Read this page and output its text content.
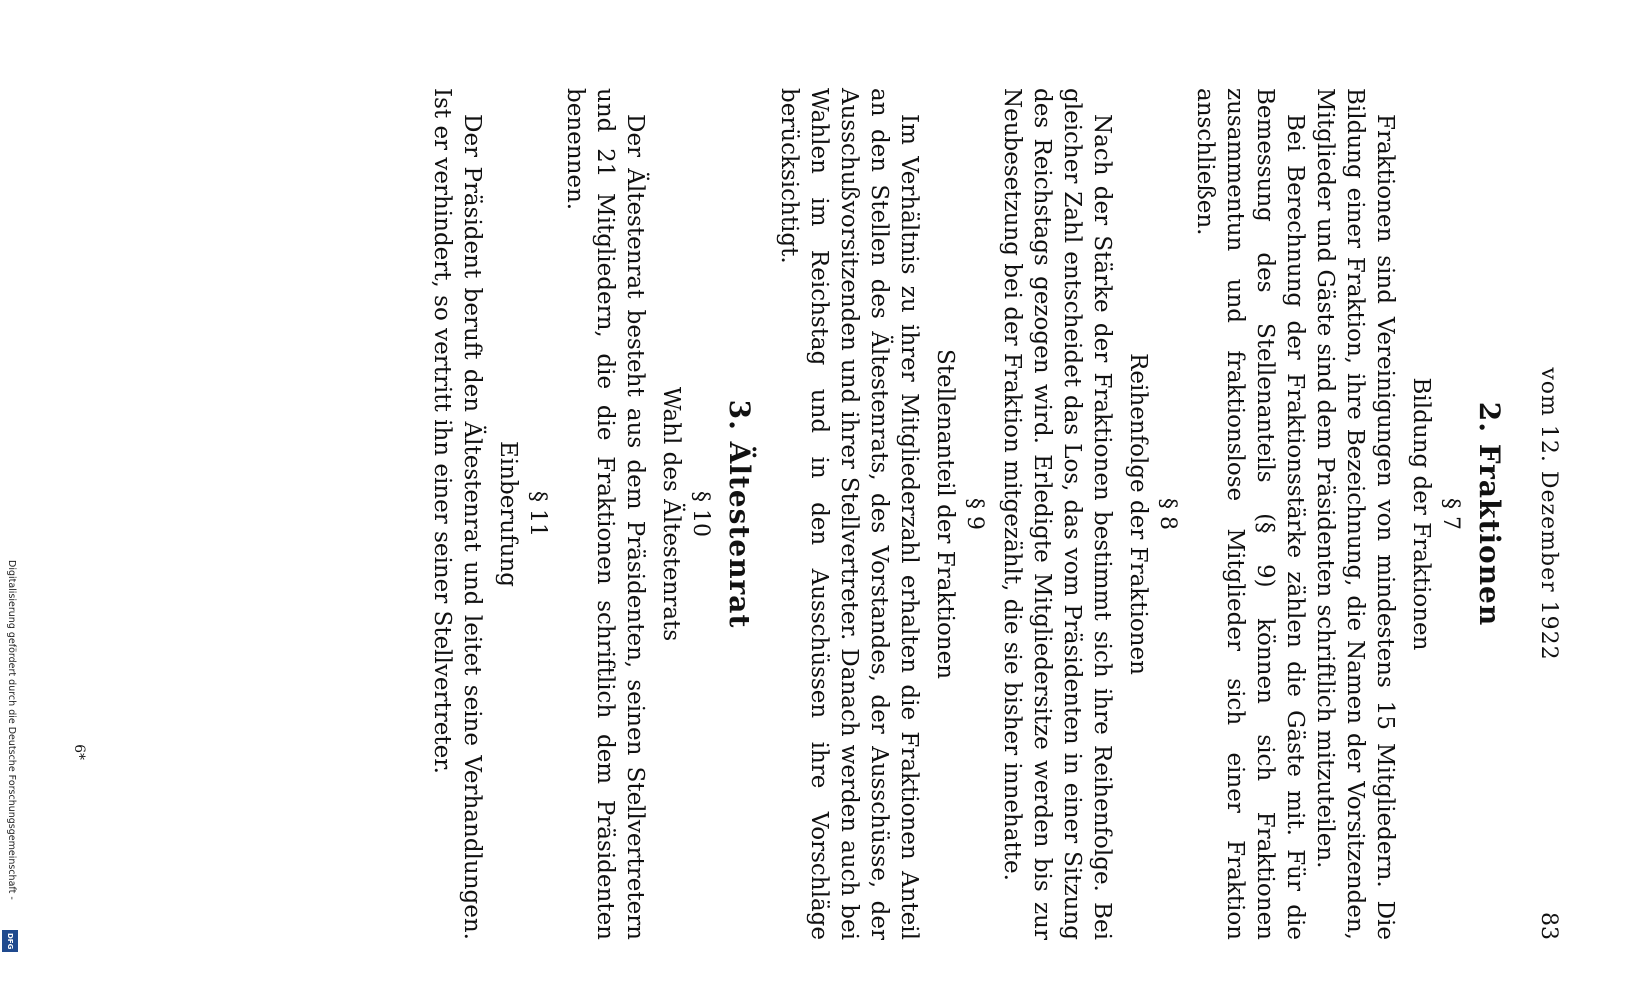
vom 12. Dezember 1922
83
2. Fraktionen
§ 7
Bildung der Fraktionen

Fraktionen sind Vereinigungen von mindestens 15 Mitgliedern. Die Bildung einer Fraktion, ihre Bezeichnung, die Namen der Vorsitzenden, Mitglieder und Gäste sind dem Präsidenten schriftlich mitzuteilen.

Bei Berechnung der Fraktionsstärke zählen die Gäste mit. Für die Bemessung des Stellenanteils (§ 9) können sich Fraktionen zusammentun und fraktionslose Mitglieder sich einer Fraktion anschließen.

§ 8
Reihenfolge der Fraktionen

Nach der Stärke der Fraktionen bestimmt sich ihre Reihenfolge. Bei gleicher Zahl entscheidet das Los, das vom Präsidenten in einer Sitzung des Reichstags gezogen wird. Erledigte Mitgliedersitze werden bis zur Neubesetzung bei der Fraktion mitgezählt, die sie bisher innehatte.

§ 9
Stellenanteil der Fraktionen

Im Verhältnis zu ihrer Mitgliederzahl erhalten die Fraktionen Anteil an den Stellen des Ältestenrats, des Vorstandes, der Ausschüsse, der Ausschußvorsitzenden und ihrer Stellvertreter. Danach werden auch bei Wahlen im Reichstag und in den Ausschüssen ihre Vorschläge berücksichtigt.

3. Ältestenrat
§ 10
Wahl des Ältestenrats

Der Ältestenrat besteht aus dem Präsidenten, seinen Stellvertretern und 21 Mitgliedern, die die Fraktionen schriftlich dem Präsidenten benennen.

§ 11
Einberufung

Der Präsident beruft den Ältestenrat und leitet seine Verhandlungen. Ist er verhindert, so vertritt ihn einer seiner Stellvertreter.

6*
Digitalisierung gefördert durch die Deutsche Forschungsgemeinschaft -
DFG
